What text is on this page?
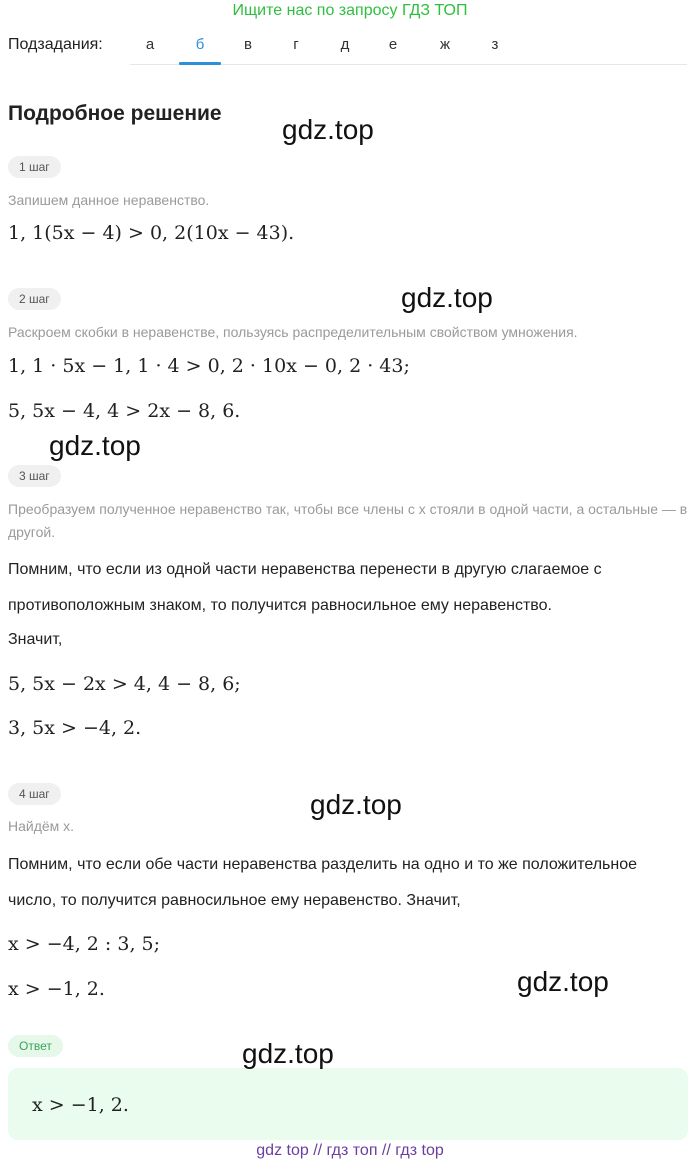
Ищите нас по запросу ГДЗ ТОП
Подзадания:	а	б	в	г	д	е	ж	з
Подробное решение
1 шаг
Запишем данное неравенство.
1, 1(5x − 4) > 0, 2(10x − 43).
2 шаг
Раскроем скобки в неравенстве, пользуясь распределительным свойством умножения.
1, 1 · 5x − 1, 1 · 4 > 0, 2 · 10x − 0, 2 · 43;
5, 5x − 4, 4 > 2x − 8, 6.
3 шаг
Преобразуем полученное неравенство так, чтобы все члены с x стояли в одной части, а остальные — в другой.
Помним, что если из одной части неравенства перенести в другую слагаемое с противоположным знаком, то получится равносильное ему неравенство.
Значит,
5, 5x − 2x > 4, 4 − 8, 6;
3, 5x > −4, 2.
4 шаг
Найдём x.
Помним, что если обе части неравенства разделить на одно и то же положительное число, то получится равносильное ему неравенство. Значит,
x > −4, 2 : 3, 5;
x > −1, 2.
Ответ
x > −1, 2.
gdz.top
gdz.top
gdz.top
gdz.top
gdz.top
gdz.top
gdz top // гдз топ // гдз top
